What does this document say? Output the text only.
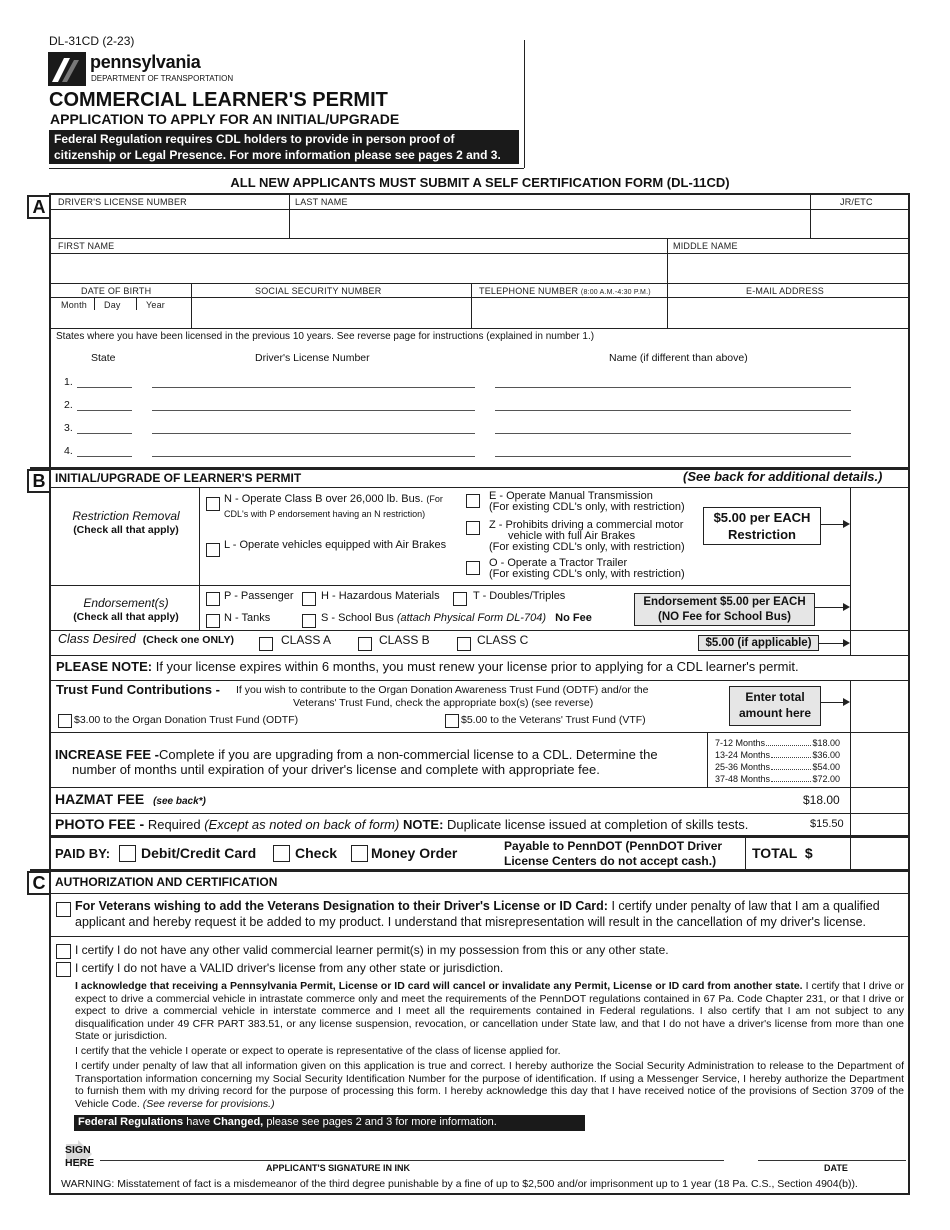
DL-31CD (2-23)
pennsylvania
DEPARTMENT OF TRANSPORTATION
COMMERCIAL LEARNER'S PERMIT
APPLICATION TO APPLY FOR AN INITIAL/UPGRADE
Federal Regulation requires CDL holders to provide in person proof of
citizenship or Legal Presence. For more information please see pages 2 and 3.
ALL NEW APPLICANTS MUST SUBMIT A SELF CERTIFICATION FORM (DL-11CD)
A	DRIVER'S LICENSE NUMBER	LAST NAME	JR/ETC
FIRST NAME	MIDDLE NAME
DATE OF BIRTH	SOCIAL SECURITY NUMBER	TELEPHONE NUMBER (8:00 A.M.-4:30 P.M.)	E-MAIL ADDRESS
Month Day	Year
States where you have been licensed in the previous 10 years. See reverse page for instructions (explained in number 1.)
State	Driver's License Number	Name (if different than above)
1.
2.
3.
4.
B INITIAL/UPGRADE OF LEARNER'S PERMIT	(See back for additional details.)
Restriction Removal
(Check all that apply)
N - Operate Class B over 26,000 lb. Bus. (For
CDL's with P endorsement having an N restriction)
L - Operate vehicles equipped with Air Brakes
E - Operate Manual Transmission
(For existing CDL's only, with restriction)
Z - Prohibits driving a commercial motor
vehicle with full Air Brakes
(For existing CDL's only, with restriction)
O - Operate a Tractor Trailer
(For existing CDL's only, with restriction)
$5.00 per EACH
Restriction
Endorsement(s)
(Check all that apply)
P - Passenger H - Hazardous Materials	T - Doubles/Triples
N - Tanks	S - School Bus (attach Physical Form DL-704) No Fee
Endorsement $5.00 per EACH
(NO Fee for School Bus)
Class Desired (Check one ONLY)	CLASS A	CLASS B	CLASS C	$5.00 (if applicable)
PLEASE NOTE: If your license expires within 6 months, you must renew your license prior to applying for a CDL learner's permit.
Trust Fund Contributions - If you wish to contribute to the Organ Donation Awareness Trust Fund (ODTF) and/or the
Veterans' Trust Fund, check the appropriate box(s) (see reverse)
$3.00 to the Organ Donation Trust Fund (ODTF)	$5.00 to the Veterans' Trust Fund (VTF)
Enter total
amount here
INCREASE FEE -Complete if you are upgrading from a non-commercial license to a CDL. Determine the
number of months until expiration of your driver's license and complete with appropriate fee.
7-12 Months	$18.00
13-24 Months	$36.00
25-36 Months	$54.00
37-48 Months	$72.00
HAZMAT FEE (see back*)	$18.00
PHOTO FEE - Required (Except as noted on back of form) NOTE: Duplicate license issued at completion of skills tests.	$15.50
PAID BY: Debit/Credit Card	Check Money Order	Payable to PennDOT (PennDOT Driver
License Centers do not accept cash.)	TOTAL  $
C AUTHORIZATION AND CERTIFICATION
For Veterans wishing to add the Veterans Designation to their Driver's License or ID Card: I certify under penalty of law that I am a qualified
applicant and hereby request it be added to my product. I understand that misrepresentation will result in the cancellation of my driver's license.
I certify I do not have any other valid commercial learner permit(s) in my possession from this or any other state.
I certify I do not have a VALID driver's license from any other state or jurisdiction.
I acknowledge that receiving a Pennsylvania Permit, License or ID card will cancel or invalidate any Permit, License or ID card from another state. I certify that I drive or expect to drive a commercial vehicle in intrastate commerce only and meet the requirements of the PennDOT regulations contained in 67 Pa. Code Chapter 231, or that I drive or expect to drive a commercial vehicle in interstate commerce and I meet all the requirements contained in Federal regulations. I also certify that I am not subject to any disqualification under 49 CFR PART 383.51, or any license suspension, revocation, or cancellation under State law, and that I do not have a driver's license from more than one State or jurisdiction.
I certify that the vehicle I operate or expect to operate is representative of the class of license applied for.
I certify under penalty of law that all information given on this application is true and correct. I hereby authorize the Social Security Administration to release to the Department of Transportation information concerning my Social Security Identification Number for the purpose of identification. If using a Messenger Service, I hereby authorize the Department to furnish them with my driving record for the purpose of processing this form. I hereby acknowledge this day that I have received notice of the provisions of Section 3709 of the Vehicle Code. (See reverse for provisions.)
Federal Regulations have Changed, please see pages 2 and 3 for more information.
SIGN
HERE	APPLICANT'S SIGNATURE IN INK	DATE
WARNING: Misstatement of fact is a misdemeanor of the third degree punishable by a fine of up to $2,500 and/or imprisonment up to 1 year (18 Pa. C.S., Section 4904(b)).
